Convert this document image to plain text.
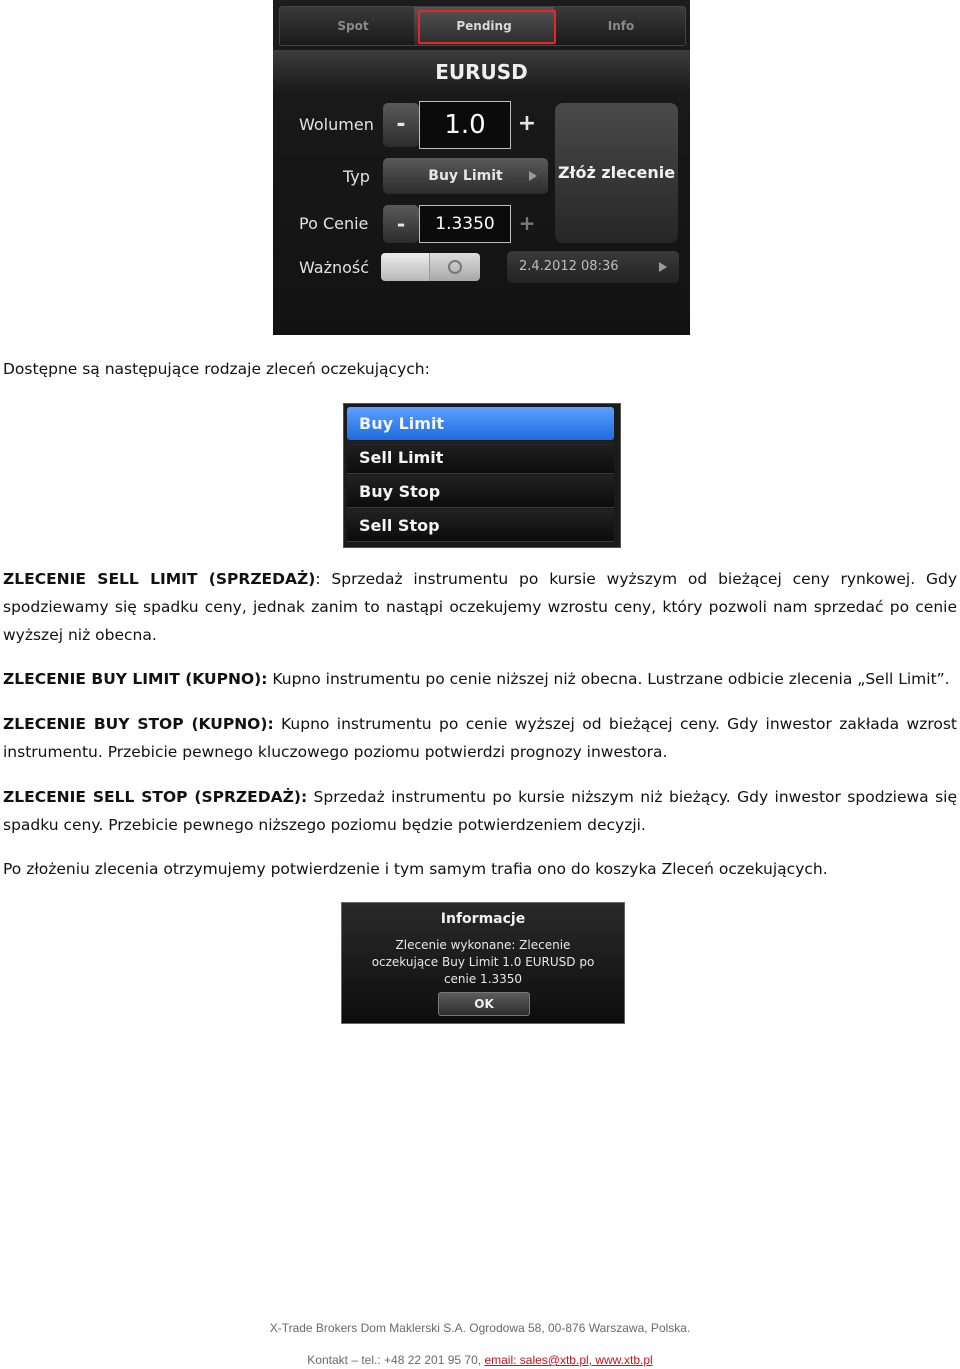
Spot	Pending	Info
EURUSD
Wolumen	-	1.0	+
Typ	Buy Limit
Po Cenie	-	1.3350	+
Złóż zlecenie
Ważność	2.4.2012 08:36
Dostępne są następujące rodzaje zleceń oczekujących:
Buy Limit
Sell Limit
Buy Stop
Sell Stop
ZLECENIE SELL LIMIT (SPRZEDAŻ): Sprzedaż instrumentu po kursie wyższym od bieżącej ceny rynkowej. Gdy spodziewamy się spadku ceny, jednak zanim to nastąpi oczekujemy wzrostu ceny, który pozwoli nam sprzedać po cenie wyższej niż obecna.
ZLECENIE BUY LIMIT (KUPNO): Kupno instrumentu po cenie niższej niż obecna. Lustrzane odbicie zlecenia „Sell Limit”.
ZLECENIE BUY STOP (KUPNO): Kupno instrumentu po cenie wyższej od bieżącej ceny. Gdy inwestor zakłada wzrost instrumentu. Przebicie pewnego kluczowego poziomu potwierdzi prognozy inwestora.
ZLECENIE SELL STOP (SPRZEDAŻ): Sprzedaż instrumentu po kursie niższym niż bieżący. Gdy inwestor spodziewa się spadku ceny. Przebicie pewnego niższego poziomu będzie potwierdzeniem decyzji.
Po złożeniu zlecenia otrzymujemy potwierdzenie i tym samym trafia ono do koszyka Zleceń oczekujących.
Informacje
Zlecenie wykonane: Zlecenie
oczekujące Buy Limit 1.0 EURUSD po
cenie 1.3350
OK
X-Trade Brokers Dom Maklerski S.A. Ogrodowa 58, 00-876 Warszawa, Polska.
Kontakt – tel.: +48 22 201 95 70, email: sales@xtb.pl, www.xtb.pl
